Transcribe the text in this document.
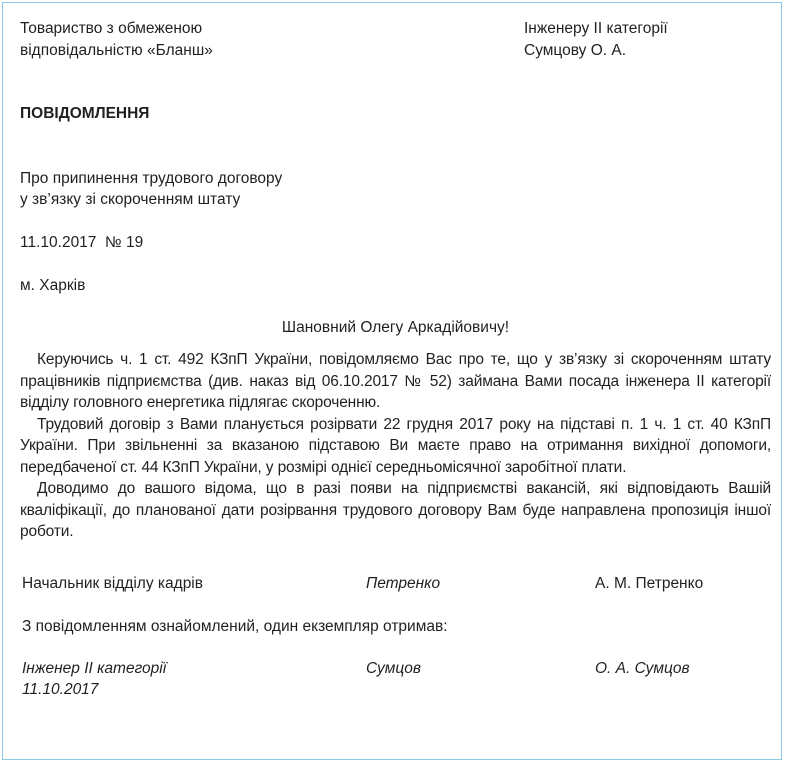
Товариство з обмеженою
відповідальністю «Бланш»
Інженеру ІІ категорії
Сумцову О. А.
ПОВІДОМЛЕННЯ
Про припинення трудового договору
у зв’язку зі скороченням штату
11.10.2017  № 19
м. Харків
Шановний Олегу Аркадійовичу!

Керуючись ч. 1 ст. 492 КЗпП України, повідомляємо Вас про те, що у зв’язку зі скороченням штату працівників підприємства (див. наказ від 06.10.2017 № 52) займана Вами посада інженера ІІ категорії відділу головного енергетика підлягає скороченню.

Трудовий договір з Вами планується розірвати 22 грудня 2017 року на підставі п. 1 ч. 1 ст. 40 КЗпП України. При звільненні за вказаною підставою Ви маєте право на отримання вихідної допомоги, передбаченої ст. 44 КЗпП України, у розмірі однієї середньомісячної заробітної плати.

Доводимо до вашого відома, що в разі появи на підприємстві вакансій, які відповідають Вашій кваліфікації, до планованої дати розірвання трудового договору Вам буде направлена пропозиція іншої роботи.

Начальник відділу кадрів	Петренко	А. М. Петренко
З повідомленням ознайомлений, один екземпляр отримав:
Інженер ІІ категорії
11.10.2017
Сумцов	О. А. Сумцов
